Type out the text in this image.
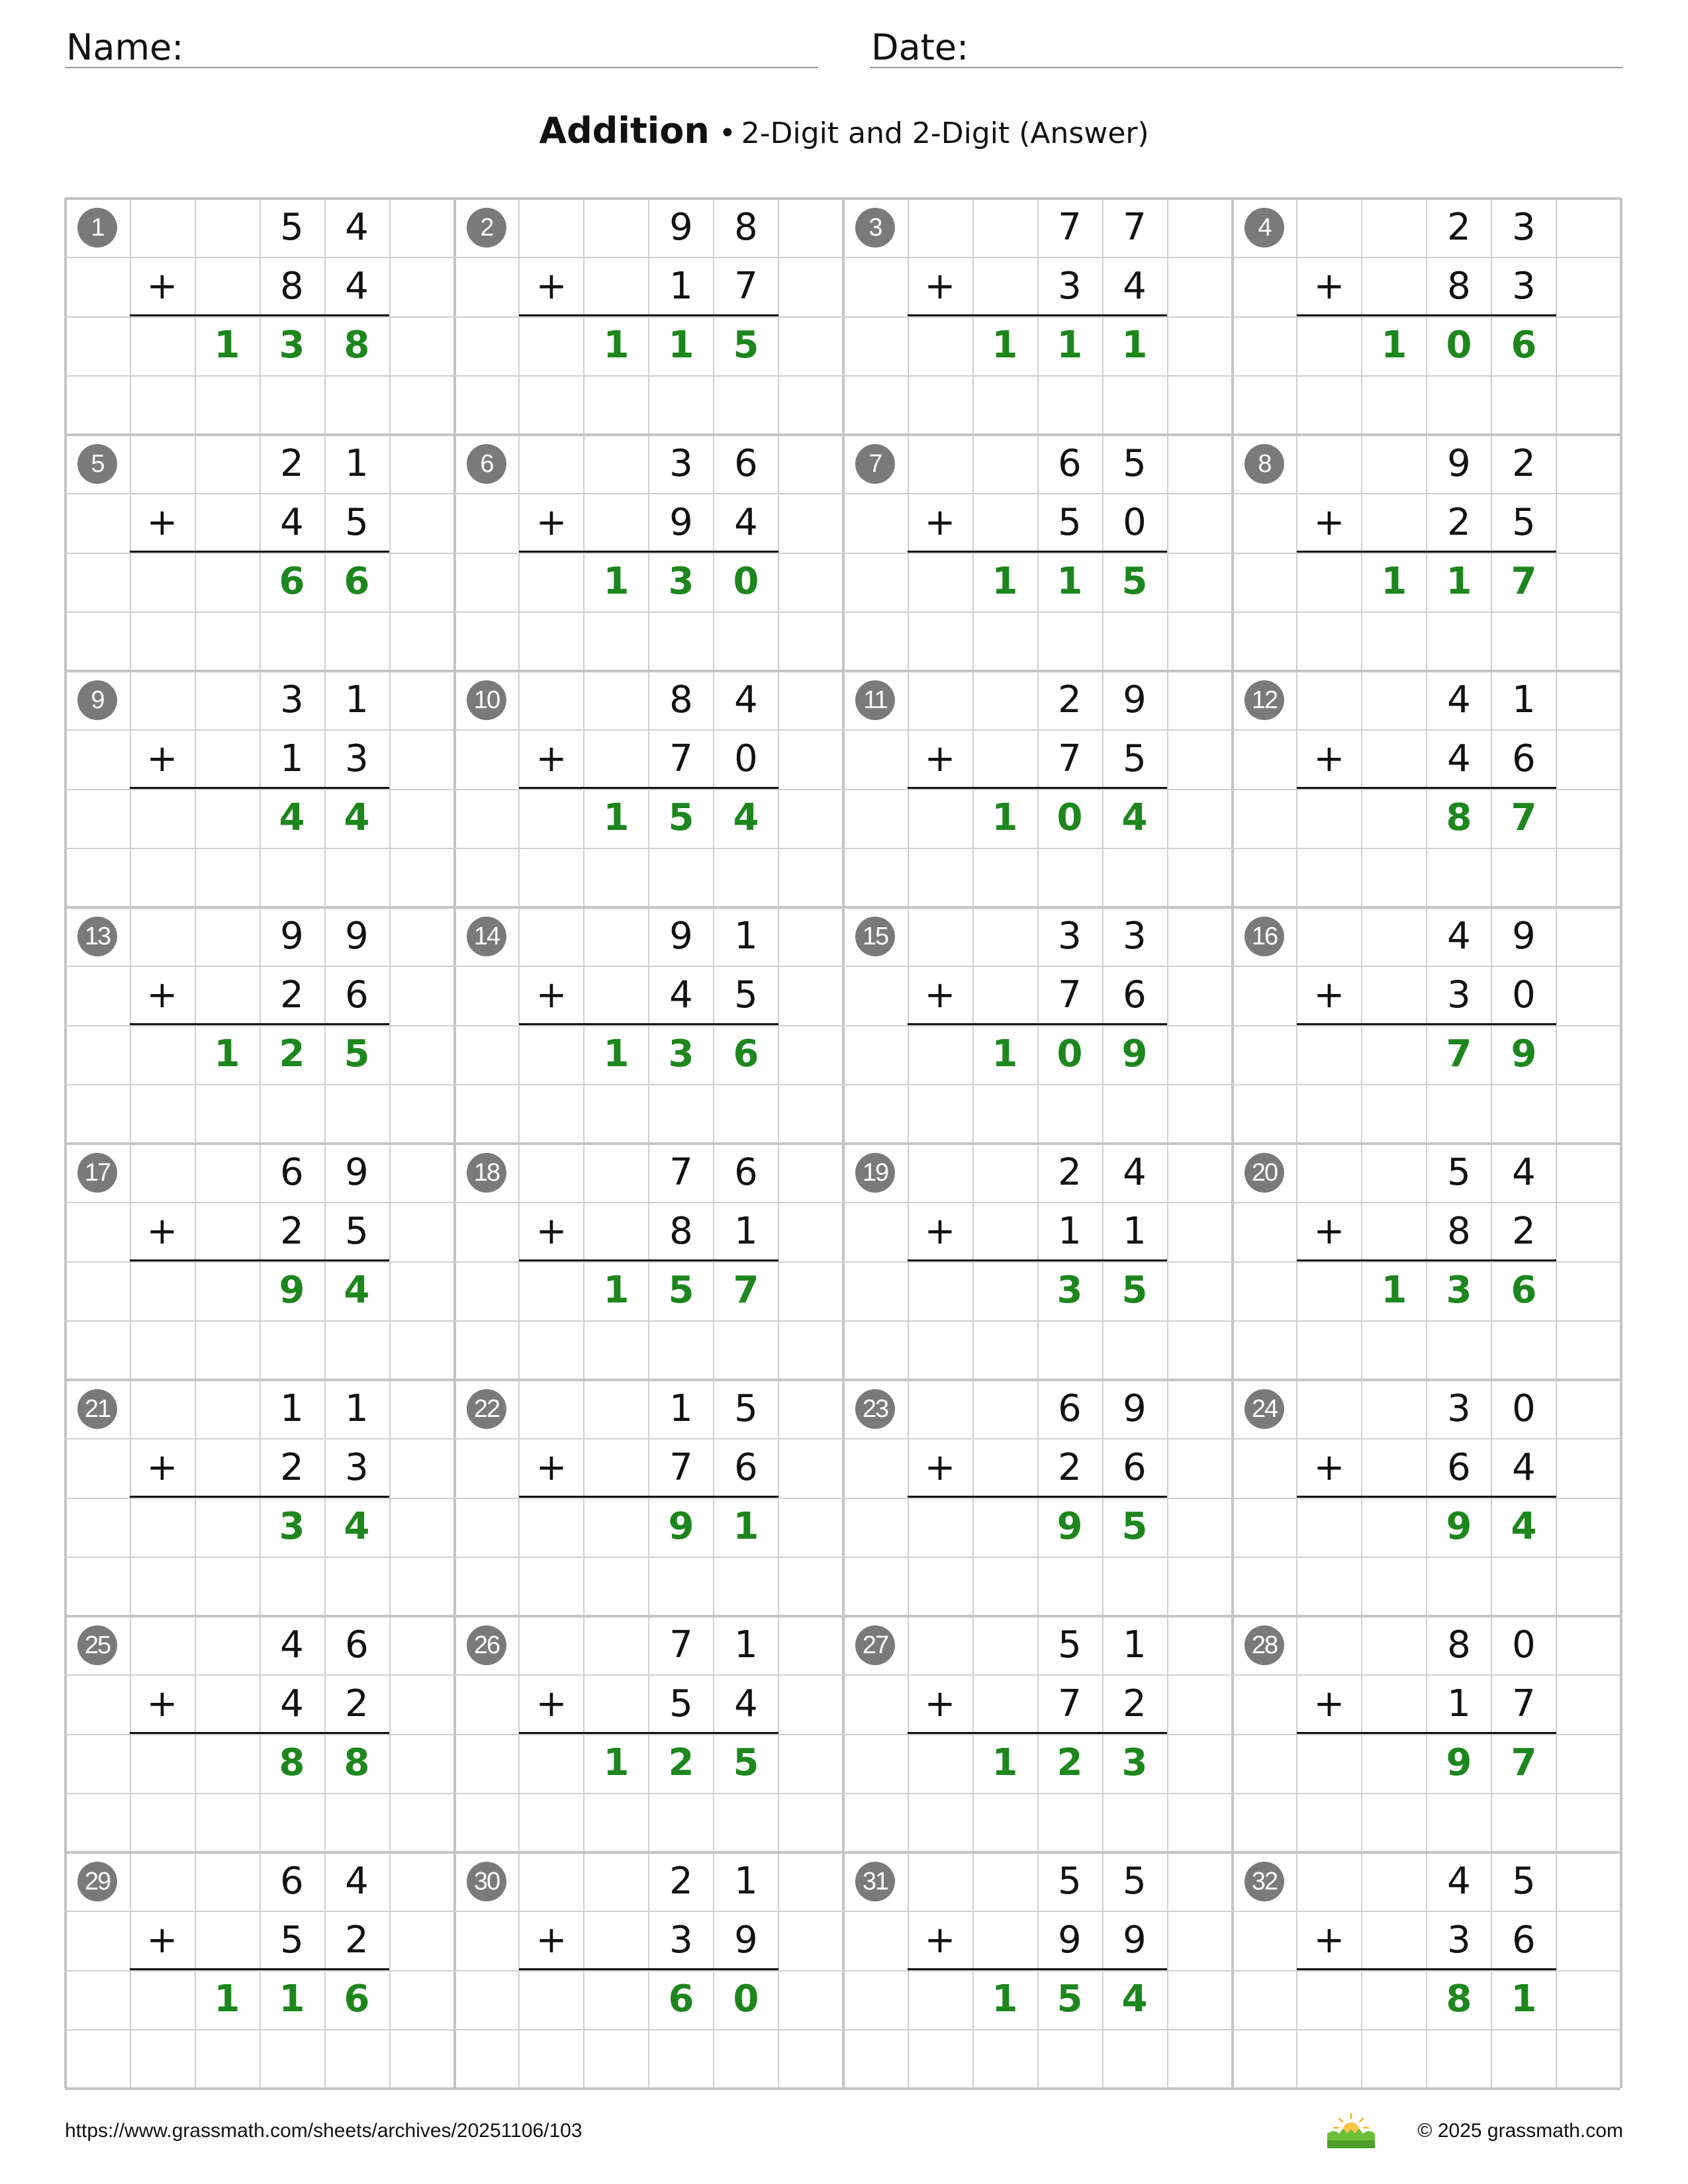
Name:	Date:
Addition • 2-Digit and 2-Digit (Answer)
1	5	4
+	8	4
1	3	8
2	9	8
+	1	7
1	1	5
3	7	7
+	3	4
1	1	1
4	2	3
+	8	3
1	0	6
5	2	1
+	4	5
6	6
6	3	6
+	9	4
1	3	0
7	6	5
+	5	0
1	1	5
8	9	2
+	2	5
1	1	7
9	3	1
+	1	3
4	4
10	8	4
+	7	0
1	5	4
11	2	9
+	7	5
1	0	4
12	4	1
+	4	6
8	7
13	9	9
+	2	6
1	2	5
14	9	1
+	4	5
1	3	6
15	3	3
+	7	6
1	0	9
16	4	9
+	3	0
7	9
17	6	9
+	2	5
9	4
18	7	6
+	8	1
1	5	7
19	2	4
+	1	1
3	5
20	5	4
+	8	2
1	3	6
21	1	1
+	2	3
3	4
22	1	5
+	7	6
9	1
23	6	9
+	2	6
9	5
24	3	0
+	6	4
9	4
25	4	6
+	4	2
8	8
26	7	1
+	5	4
1	2	5
27	5	1
+	7	2
1	2	3
28	8	0
+	1	7
9	7
29	6	4
+	5	2
1	1	6
30	2	1
+	3	9
6	0
31	5	5
+	9	9
1	5	4
32	4	5
+	3	6
8	1
https://www.grassmath.com/sheets/archives/20251106/103	© 2025 grassmath.com
